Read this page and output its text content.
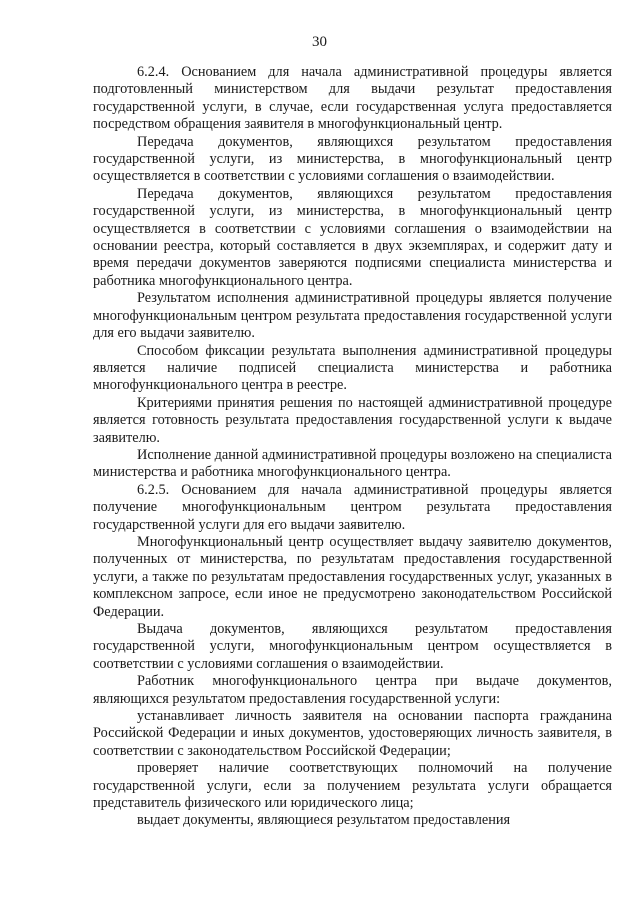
30

6.2.4. Основанием для начала административной процедуры является подготовленный министерством для выдачи результат предоставления государственной услуги, в случае, если государственная услуга предоставляется посредством обращения заявителя в многофункциональный центр.

Передача документов, являющихся результатом предоставления государственной услуги, из министерства, в многофункциональный центр осуществляется в соответствии с условиями соглашения о взаимодействии.

Передача документов, являющихся результатом предоставления государственной услуги, из министерства, в многофункциональный центр осуществляется в соответствии с условиями соглашения о взаимодействии на основании реестра, который составляется в двух экземплярах, и содержит дату и время передачи документов заверяются подписями специалиста министерства и работника многофункционального центра.

Результатом исполнения административной процедуры является получение многофункциональным центром результата предоставления государственной услуги для его выдачи заявителю.

Способом фиксации результата выполнения административной процедуры является наличие подписей специалиста министерства и работника многофункционального центра в реестре.

Критериями принятия решения по настоящей административной процедуре является готовность результата предоставления государственной услуги к выдаче заявителю.

Исполнение данной административной процедуры возложено на специалиста министерства и работника многофункционального центра.

6.2.5. Основанием для начала административной процедуры является получение многофункциональным центром результата предоставления государственной услуги для его выдачи заявителю.

Многофункциональный центр осуществляет выдачу заявителю документов, полученных от министерства, по результатам предоставления государственной услуги, а также по результатам предоставления государственных услуг, указанных в комплексном запросе, если иное не предусмотрено законодательством Российской Федерации.

Выдача документов, являющихся результатом предоставления государственной услуги, многофункциональным центром осуществляется в соответствии с условиями соглашения о взаимодействии.

Работник многофункционального центра при выдаче документов, являющихся результатом предоставления государственной услуги:

устанавливает личность заявителя на основании паспорта гражданина Российской Федерации и иных документов, удостоверяющих личность заявителя, в соответствии с законодательством Российской Федерации;

проверяет наличие соответствующих полномочий на получение государственной услуги, если за получением результата услуги обращается представитель физического или юридического лица;

выдает документы, являющиеся результатом предоставления
